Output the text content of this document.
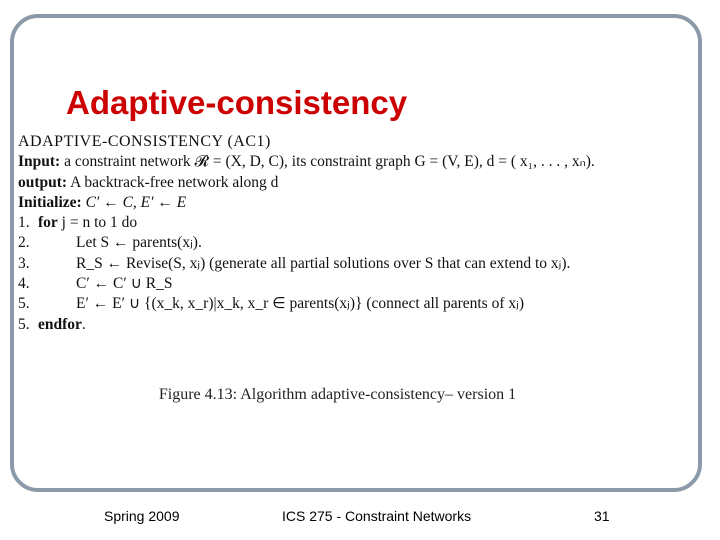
Adaptive-consistency
ADAPTIVE-CONSISTENCY (AC1)
Input: a constraint network 𝓡 = (X, D, C), its constraint graph G = (V, E), d = ( x₁, . . . , xₙ).
output: A backtrack-free network along d
Initialize: C′ ← C, E′ ← E
1. for j = n to 1 do
2.	Let S ← parents(xⱼ).
3.	R_S ← Revise(S, xⱼ) (generate all partial solutions over S that can extend to xⱼ).
4.	C′ ← C′ ∪ R_S
5.	E′ ← E′ ∪ {(x_k, x_r)|x_k, x_r ∈ parents(xⱼ)} (connect all parents of xⱼ)
5. endfor.
Figure 4.13: Algorithm adaptive-consistency– version 1
Spring 2009	ICS 275 - Constraint Networks	31
